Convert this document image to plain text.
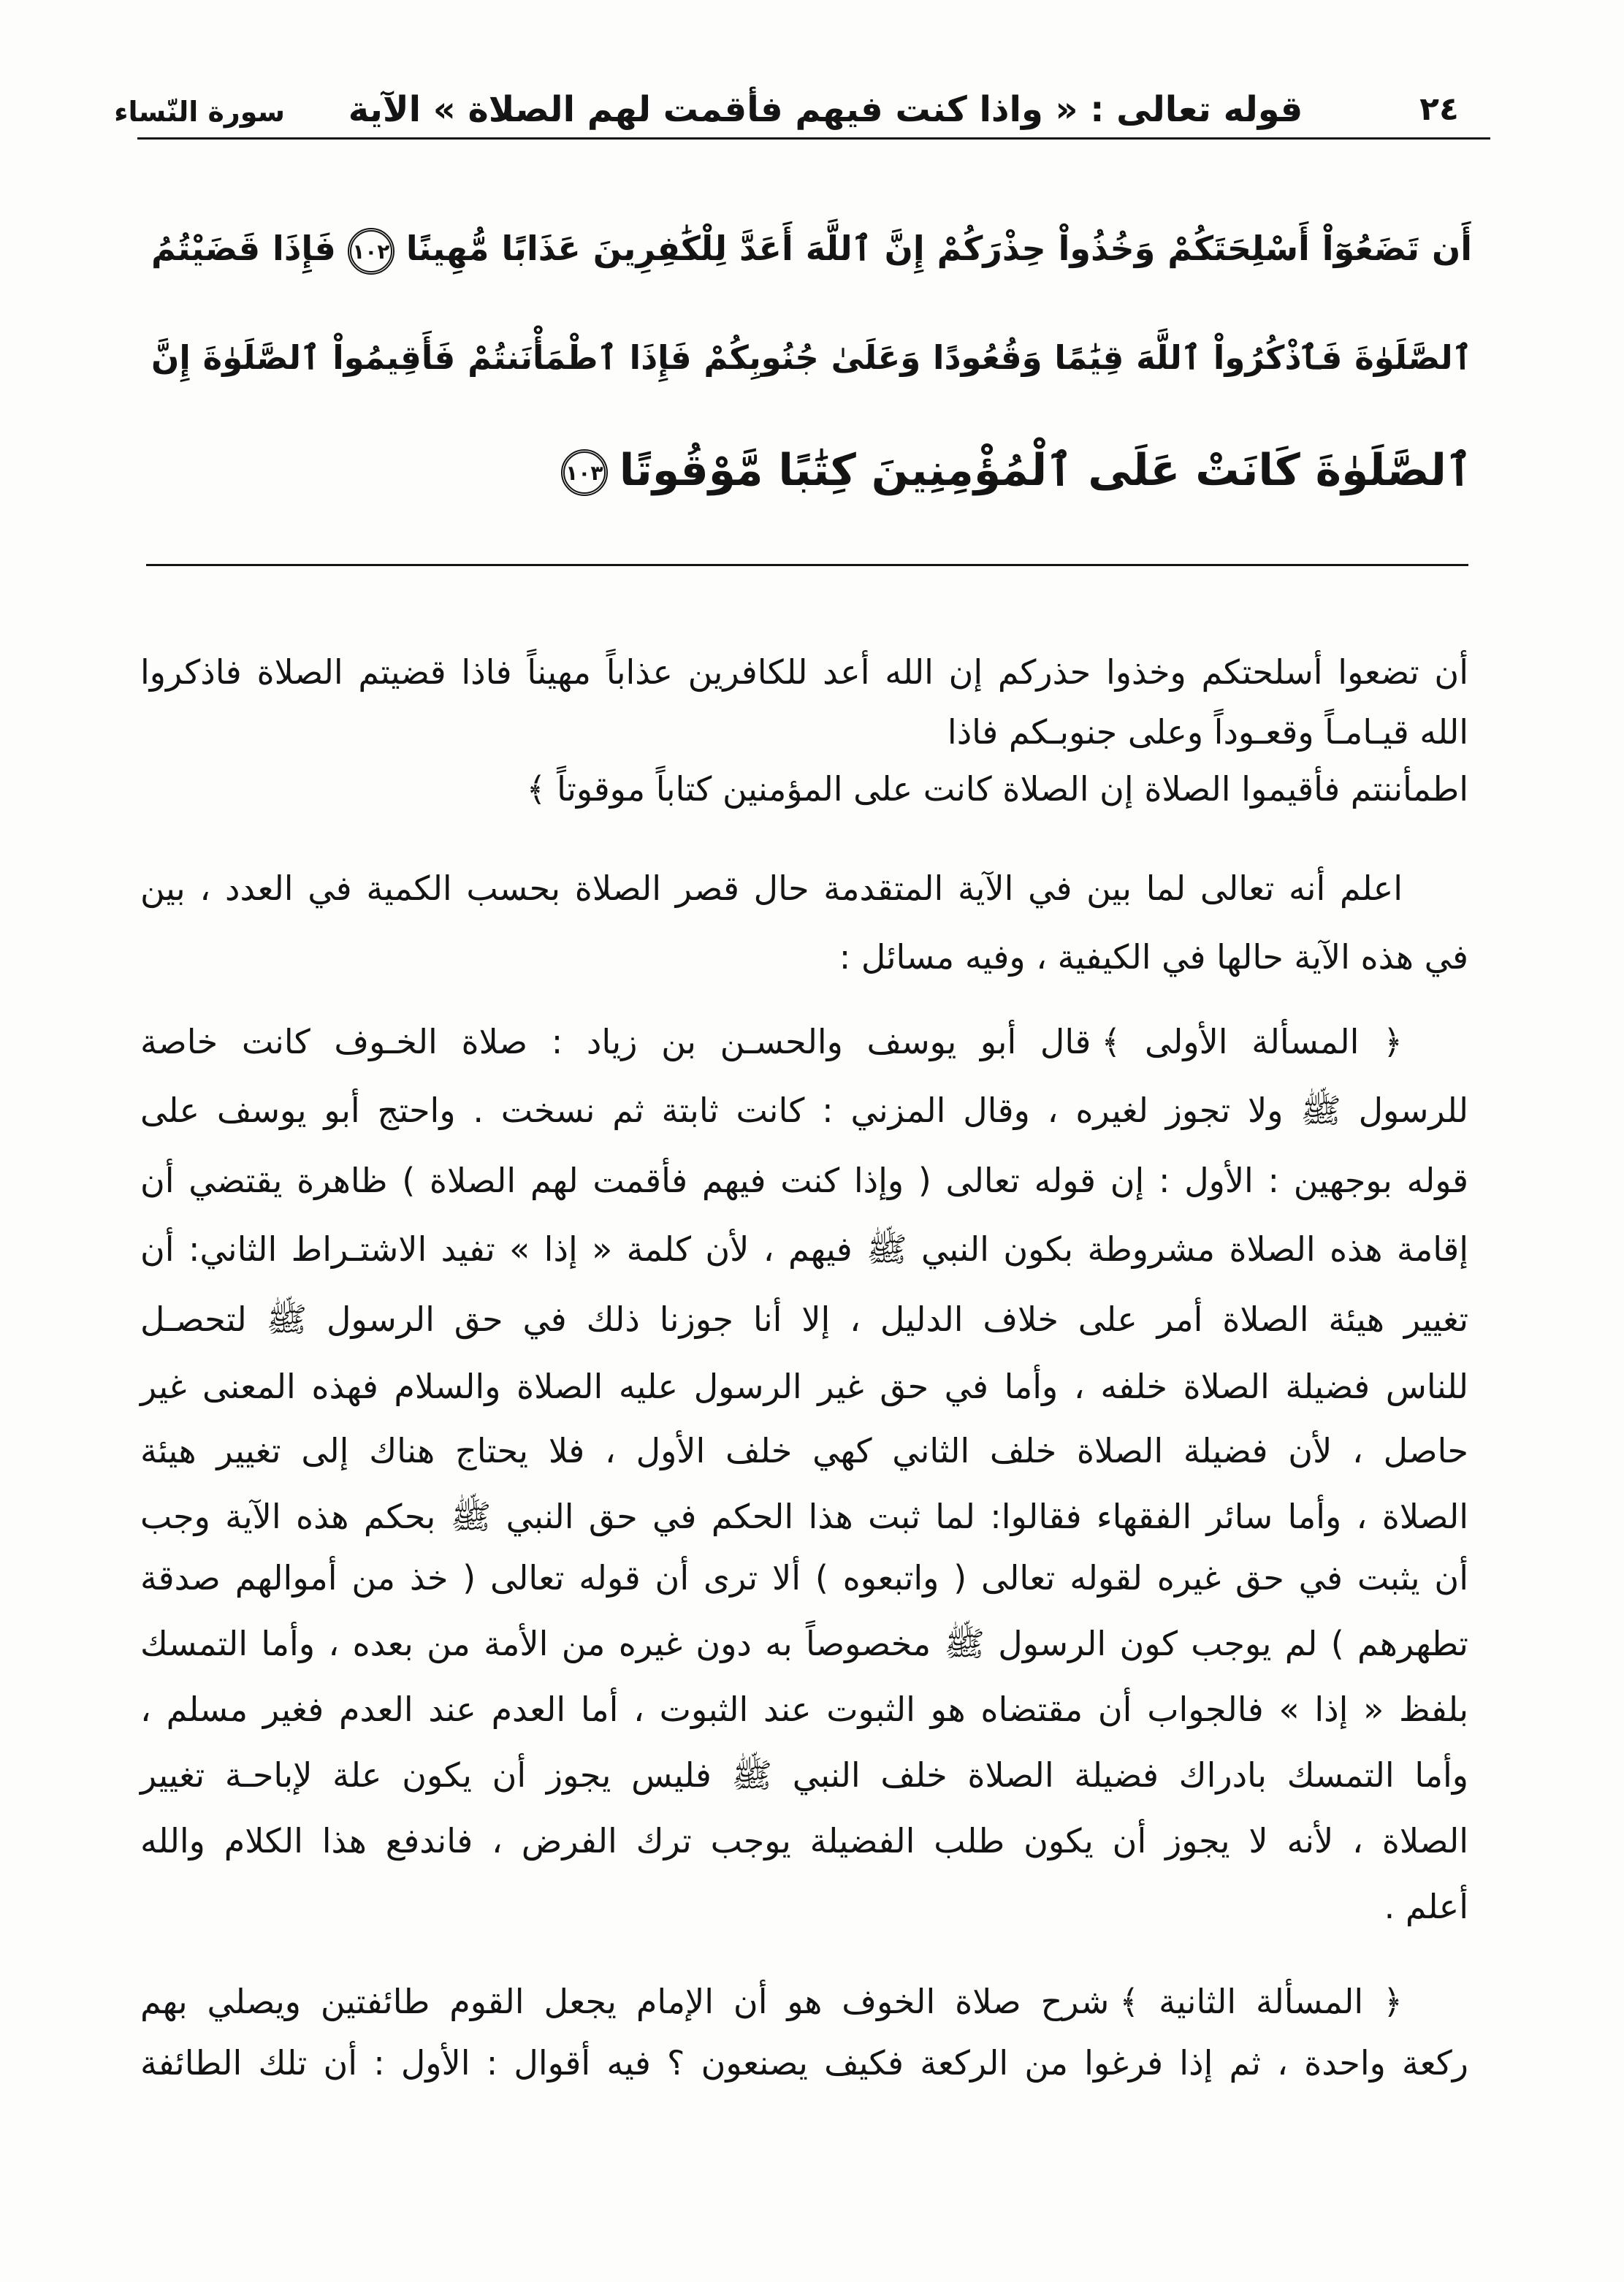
٢٤
قوله تعالى : « واذا كنت فيهم فأقمت لهم الصلاة » الآية
سورة النّساء
أَن تَضَعُوٓاْ أَسْلِحَتَكُمْ وَخُذُواْ حِذْرَكُمْ إِنَّ ٱللَّهَ أَعَدَّ لِلْكَٰفِرِينَ عَذَابًا مُّهِينًا١٠٢فَإِذَا قَضَيْتُمُ
ٱلصَّلَوٰةَ فَٱذْكُرُواْ ٱللَّهَ قِيَٰمًا وَقُعُودًا وَعَلَىٰ جُنُوبِكُمْ فَإِذَا ٱطْمَأْنَنتُمْ فَأَقِيمُواْ ٱلصَّلَوٰةَ إِنَّ
ٱلصَّلَوٰةَ كَانَتْ عَلَى ٱلْمُؤْمِنِينَ كِتَٰبًا مَّوْقُوتًا١٠٣
أن تضعوا أسلحتكم وخذوا حذركم إن الله أعد للكافرين عذاباً مهيناً فاذا قضيتم الصلاة فاذكروا
الله قيـامـاً وقعـوداً وعلى جنوبـكم فاذا
اطمأننتم فأقيموا الصلاة إن الصلاة كانت على المؤمنين كتاباً موقوتاً ﴾
اعلم أنه تعالى لما بين في الآية المتقدمة حال قصر الصلاة بحسب الكمية في العدد ، بين
في هذه الآية حالها في الكيفية ، وفيه مسائل :
﴿ المسألة الأولى ﴾قال أبو يوسف والحسـن بن زياد : صلاة الخـوف كانت خاصة
للرسول ﷺ ولا تجوز لغيره ، وقال المزني : كانت ثابتة ثم نسخت . واحتج أبو يوسف على
قوله بوجهين : الأول : إن قوله تعالى ( وإذا كنت فيهم فأقمت لهم الصلاة ) ظاهرة يقتضي أن
إقامة هذه الصلاة مشروطة بكون النبي ﷺ فيهم ، لأن كلمة « إذا » تفيد الاشتـراط الثاني: أن
تغيير هيئة الصلاة أمر على خلاف الدليل ، إلا أنا جوزنا ذلك في حق الرسول ﷺ لتحصـل
للناس فضيلة الصلاة خلفه ، وأما في حق غير الرسول عليه الصلاة والسلام فهذه المعنى غير
حاصل ، لأن فضيلة الصلاة خلف الثاني كهي خلف الأول ، فلا يحتاج هناك إلى تغيير هيئة
الصلاة ، وأما سائر الفقهاء فقالوا: لما ثبت هذا الحكم في حق النبي ﷺ بحكم هذه الآية وجب
أن يثبت في حق غيره لقوله تعالى ( واتبعوه ) ألا ترى أن قوله تعالى ( خذ من أموالهم صدقة
تطهرهم ) لم يوجب كون الرسول ﷺ مخصوصاً به دون غيره من الأمة من بعده ، وأما التمسك
بلفظ « إذا » فالجواب أن مقتضاه هو الثبوت عند الثبوت ، أما العدم عند العدم فغير مسلم ،
وأما التمسك بادراك فضيلة الصلاة خلف النبي ﷺ فليس يجوز أن يكون علة لإباحـة تغيير
الصلاة ، لأنه لا يجوز أن يكون طلب الفضيلة يوجب ترك الفرض ، فاندفع هذا الكلام والله
أعلم .
﴿ المسألة الثانية ﴾شرح صلاة الخوف هو أن الإمام يجعل القوم طائفتين ويصلي بهم
ركعة واحدة ، ثم إذا فرغوا من الركعة فكيف يصنعون ؟ فيه أقوال : الأول : أن تلك الطائفة
